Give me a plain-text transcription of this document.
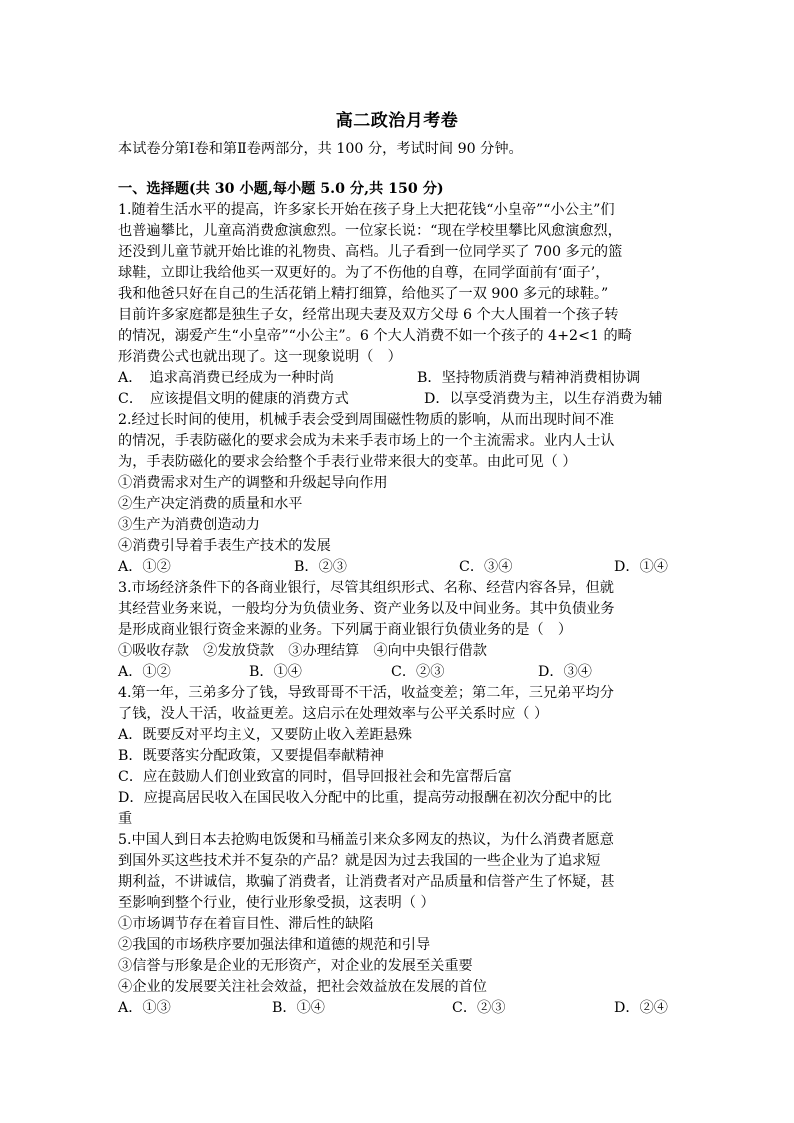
高二政治月考卷
本试卷分第Ⅰ卷和第Ⅱ卷两部分，共 100 分，考试时间 90 分钟。
一、选择题(共 30 小题,每小题 5.0 分,共 150 分)
1.随着生活水平的提高，许多家长开始在孩子身上大把花钱“小皇帝”“小公主”们
也普遍攀比，儿童高消费愈演愈烈。一位家长说：“现在学校里攀比风愈演愈烈，
还没到儿童节就开始比谁的礼物贵、高档。儿子看到一位同学买了 700 多元的篮
球鞋，立即让我给他买一双更好的。为了不伤他的自尊，在同学面前有‘面子’，
我和他爸只好在自己的生活花销上精打细算，给他买了一双 900 多元的球鞋。”
目前许多家庭都是独生子女，经常出现夫妻及双方父母 6 个大人围着一个孩子转
的情况，溺爱产生“小皇帝”“小公主”。6 个大人消费不如一个孩子的 4+2<1 的畸
形消费公式也就出现了。这一现象说明（　）
A．　追求高消费已经成为一种时尚	B．坚持物质消费与精神消费相协调
C．　应该提倡文明的健康的消费方式	D．以享受消费为主，以生存消费为辅
2.经过长时间的使用，机械手表会受到周围磁性物质的影响，从而出现时间不准
的情况，手表防磁化的要求会成为未来手表市场上的一个主流需求。业内人士认
为，手表防磁化的要求会给整个手表行业带来很大的变革。由此可见（ ）
①消费需求对生产的调整和升级起导向作用
②生产决定消费的质量和水平
③生产为消费创造动力
④消费引导着手表生产技术的发展
A．①②	B．②③	C．③④	D．①④
3.市场经济条件下的各商业银行，尽管其组织形式、名称、经营内容各异，但就
其经营业务来说，一般均分为负债业务、资产业务以及中间业务。其中负债业务
是形成商业银行资金来源的业务。下列属于商业银行负债业务的是（　）
①吸收存款　②发放贷款　③办理结算　④向中央银行借款
A．①②	B．①④	C．②③	D．③④
4.第一年，三弟多分了钱，导致哥哥不干活，收益变差；第二年，三兄弟平均分
了钱，没人干活，收益更差。这启示在处理效率与公平关系时应（ ）
A．既要反对平均主义，又要防止收入差距悬殊
B．既要落实分配政策，又要提倡奉献精神
C．应在鼓励人们创业致富的同时，倡导回报社会和先富帮后富
D．应提高居民收入在国民收入分配中的比重，提高劳动报酬在初次分配中的比
重
5.中国人到日本去抢购电饭煲和马桶盖引来众多网友的热议，为什么消费者愿意
到国外买这些技术并不复杂的产品？就是因为过去我国的一些企业为了追求短
期利益，不讲诚信，欺骗了消费者，让消费者对产品质量和信誉产生了怀疑，甚
至影响到整个行业，使行业形象受损，这表明（ ）
①市场调节存在着盲目性、滞后性的缺陷
②我国的市场秩序要加强法律和道德的规范和引导
③信誉与形象是企业的无形资产，对企业的发展至关重要
④企业的发展要关注社会效益，把社会效益放在发展的首位
A．①③	B．①④	C．②③	D．②④
